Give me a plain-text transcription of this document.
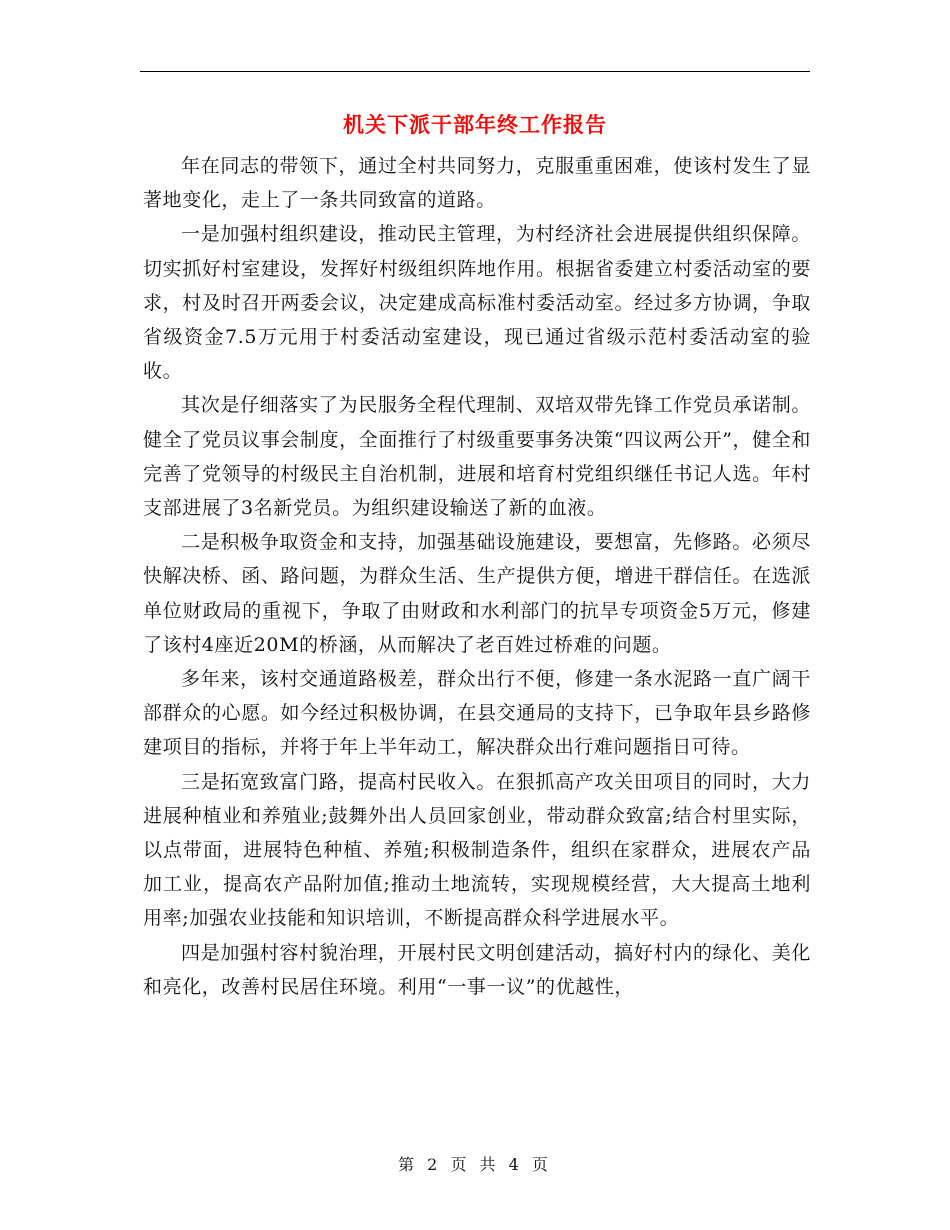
机关下派干部年终工作报告

年在同志的带领下，通过全村共同努力，克服重重困难，使该村发生了显著地变化，走上了一条共同致富的道路。

一是加强村组织建设，推动民主管理，为村经济社会进展提供组织保障。切实抓好村室建设，发挥好村级组织阵地作用。根据省委建立村委活动室的要求，村及时召开两委会议，决定建成高标准村委活动室。经过多方协调，争取省级资金7.5万元用于村委活动室建设，现已通过省级示范村委活动室的验收。

其次是仔细落实了为民服务全程代理制、双培双带先锋工作党员承诺制。健全了党员议事会制度，全面推行了村级重要事务决策“四议两公开”，健全和完善了党领导的村级民主自治机制，进展和培育村党组织继任书记人选。年村支部进展了3名新党员。为组织建设输送了新的血液。

二是积极争取资金和支持，加强基础设施建设，要想富，先修路。必须尽快解决桥、函、路问题，为群众生活、生产提供方便，增进干群信任。在选派单位财政局的重视下，争取了由财政和水利部门的抗旱专项资金5万元，修建了该村4座近20M的桥涵，从而解决了老百姓过桥难的问题。

多年来，该村交通道路极差，群众出行不便，修建一条水泥路一直广阔干部群众的心愿。如今经过积极协调，在县交通局的支持下，已争取年县乡路修建项目的指标，并将于年上半年动工，解决群众出行难问题指日可待。

三是拓宽致富门路，提高村民收入。在狠抓高产攻关田项目的同时，大力进展种植业和养殖业;鼓舞外出人员回家创业，带动群众致富;结合村里实际，以点带面，进展特色种植、养殖;积极制造条件，组织在家群众，进展农产品加工业，提高农产品附加值;推动土地流转，实现规模经营，大大提高土地利用率;加强农业技能和知识培训，不断提高群众科学进展水平。

四是加强村容村貌治理，开展村民文明创建活动，搞好村内的绿化、美化和亮化，改善村民居住环境。利用“一事一议”的优越性，

第 2 页 共 4 页
